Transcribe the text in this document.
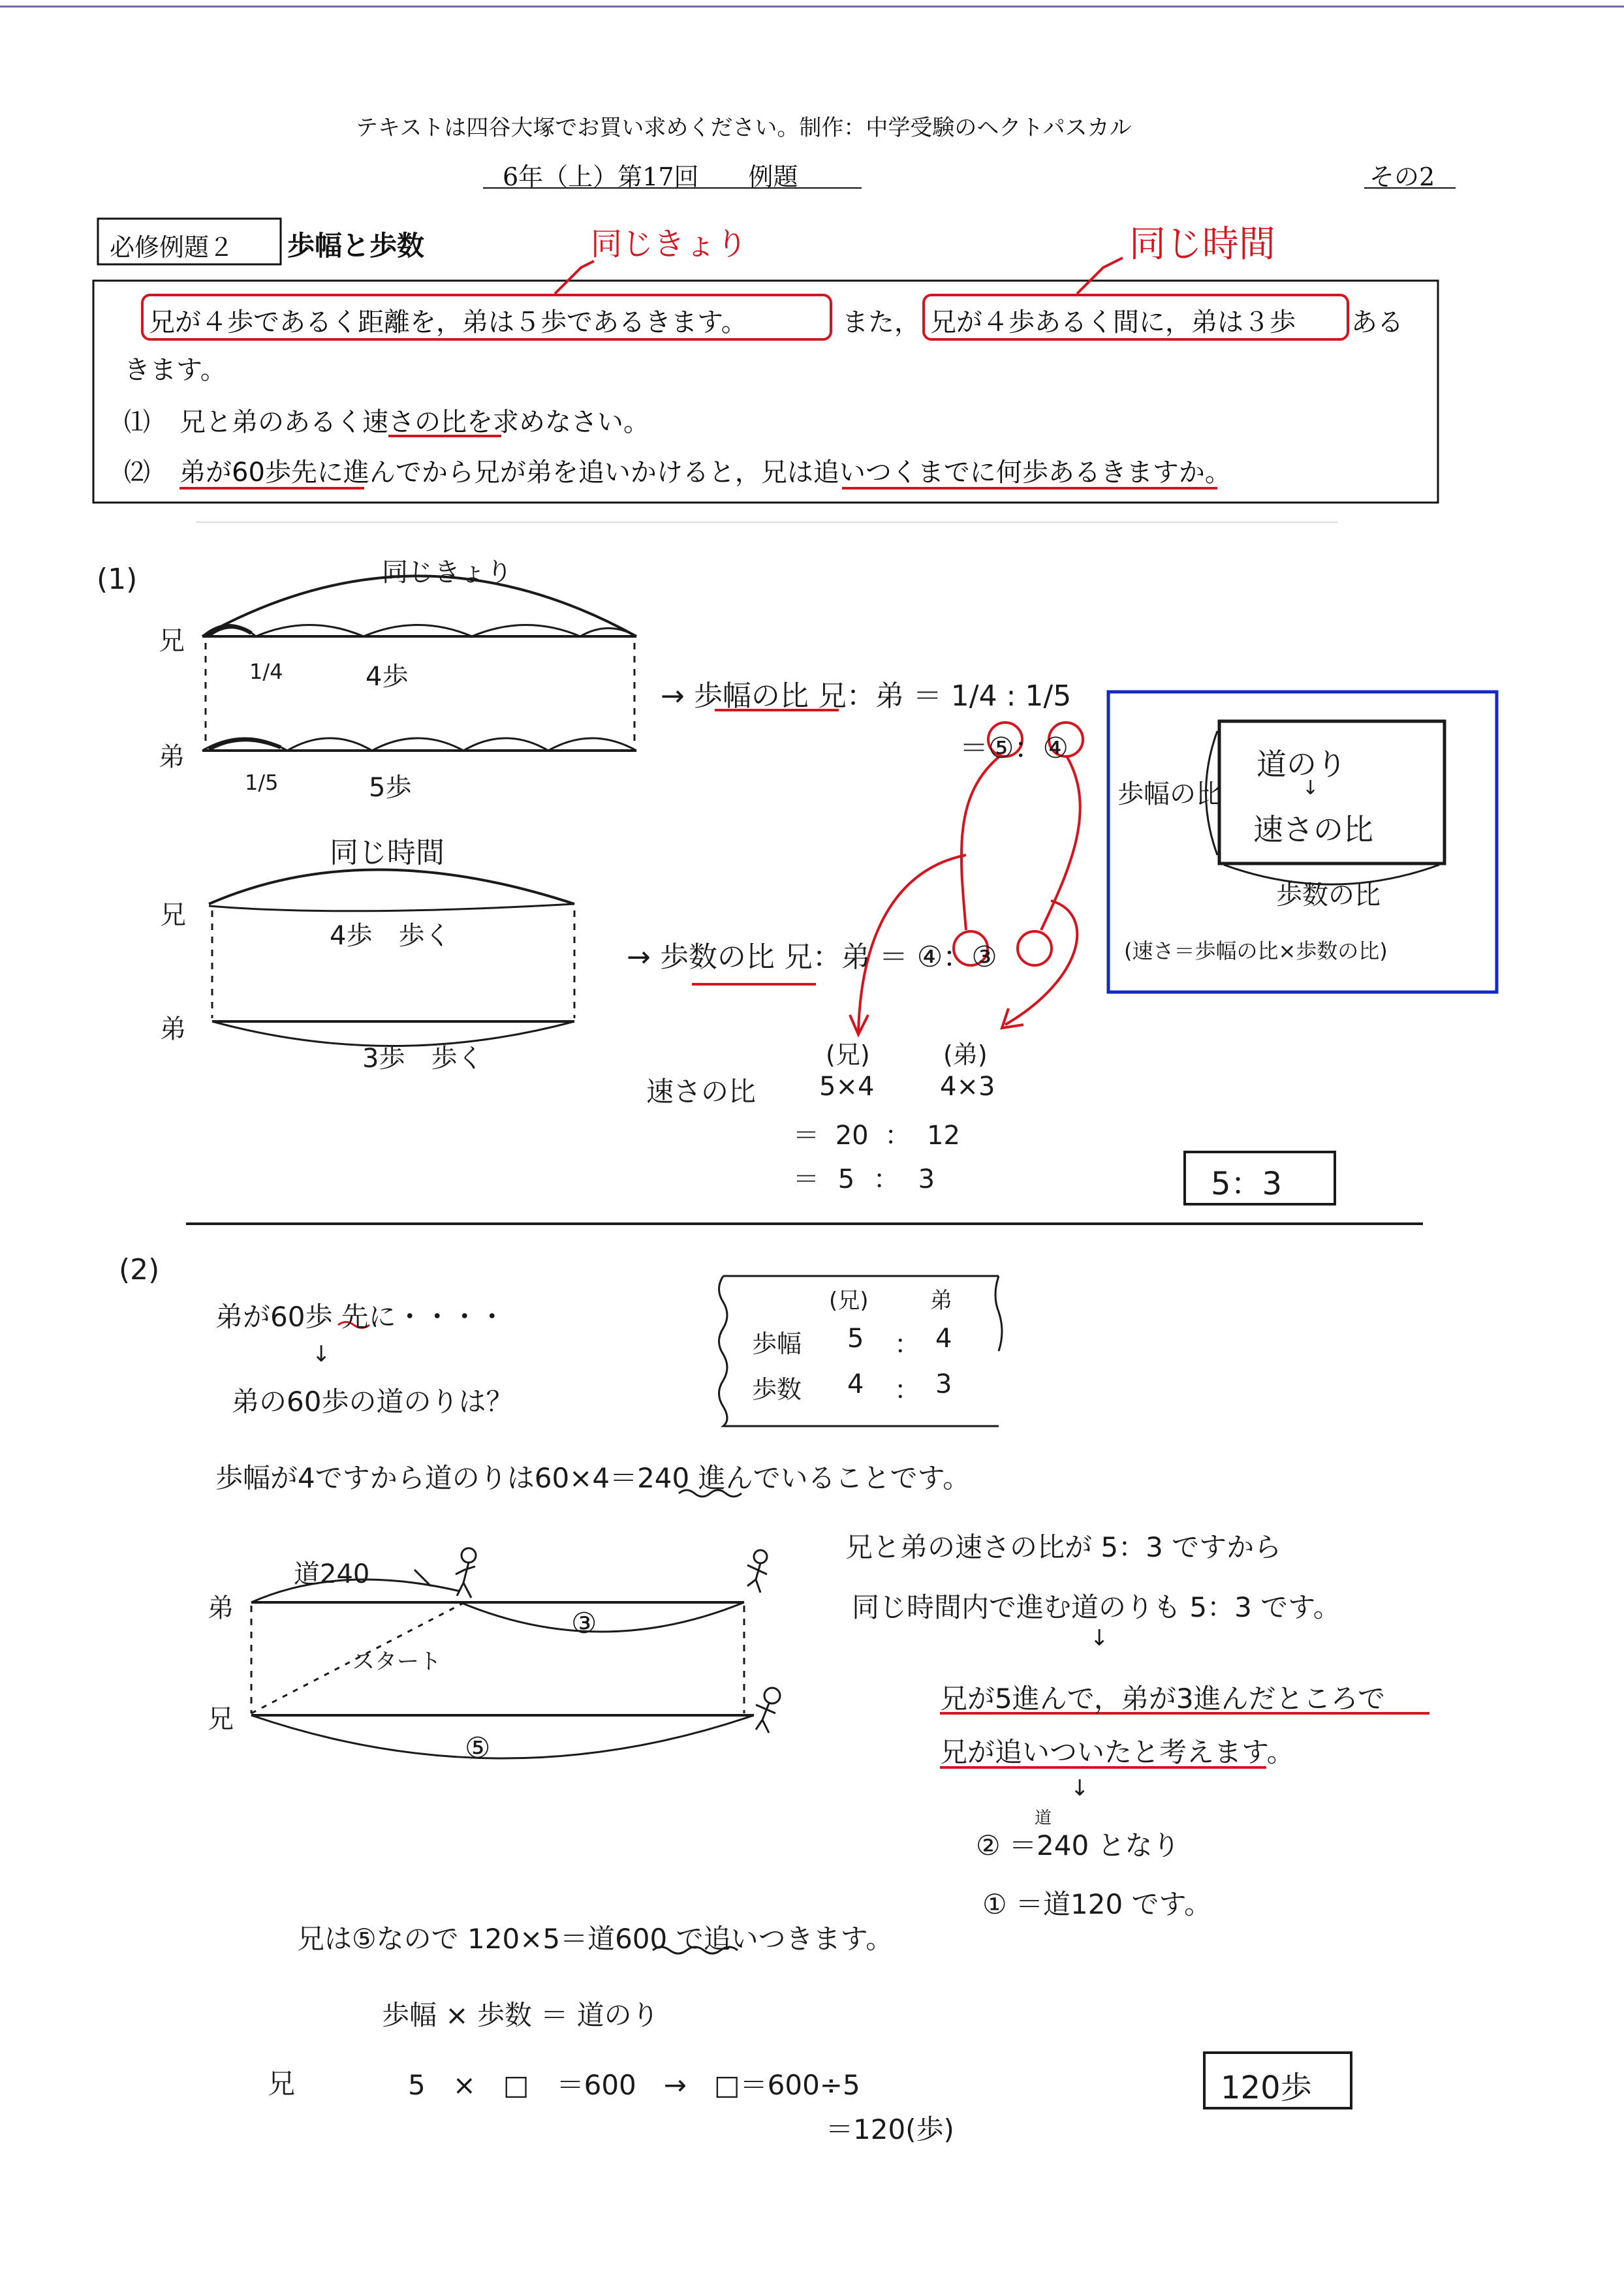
テキストは四谷大塚でお買い求めください。制作：中学受験のヘクトパスカル
6年（上）第17回　　例題	その2
必修例題２ 歩幅と歩数	同じきょり	同じ時間
兄が４歩であるく距離を，弟は５歩であるきます。	また， 兄が４歩あるく間に，弟は３歩 ある
きます。
⑴ 兄と弟のあるく速さの比を求めなさい。
⑵ 弟が60歩先に進んでから兄が弟を追いかけると，兄は追いつくまでに何歩あるきますか。
(1)	同じきょり
兄
1/4	4歩
弟
1/5	5歩
→ 歩幅の比 兄：弟 ＝ 1/4 : 1/5
＝⑤：④
同じ時間
兄
4歩　歩く
弟
3歩　歩く
→ 歩数の比 兄：弟 ＝ ④：③
(兄)	(弟)
速さの比 5×4	4×3
＝ 20 ： 12
＝ 5 ： 3	5：3
道のり
↓
速さの比
歩幅の比
歩数の比
(速さ＝歩幅の比×歩数の比)
(2)
弟が60歩 先に・・・・
↓
弟の60歩の道のりは？
(兄)	弟
歩幅 5 ： 4
歩数 4 ： 3
歩幅が4ですから道のりは60×4＝240 進んでいることです。
弟
兄
道240
スタート
③
⑤
兄と弟の速さの比が 5：3 ですから
同じ時間内で進む道のりも 5：3 です。
↓
兄が5進んで，弟が3進んだところで
兄が追いついたと考えます。
↓
道
② ＝240 となり
① ＝道120 です。
兄は⑤なので 120×5＝道600 で追いつきます。
歩幅 × 歩数 ＝ 道のり
兄	5　×　□　＝600　→　□＝600÷5
＝120(歩)
120歩
